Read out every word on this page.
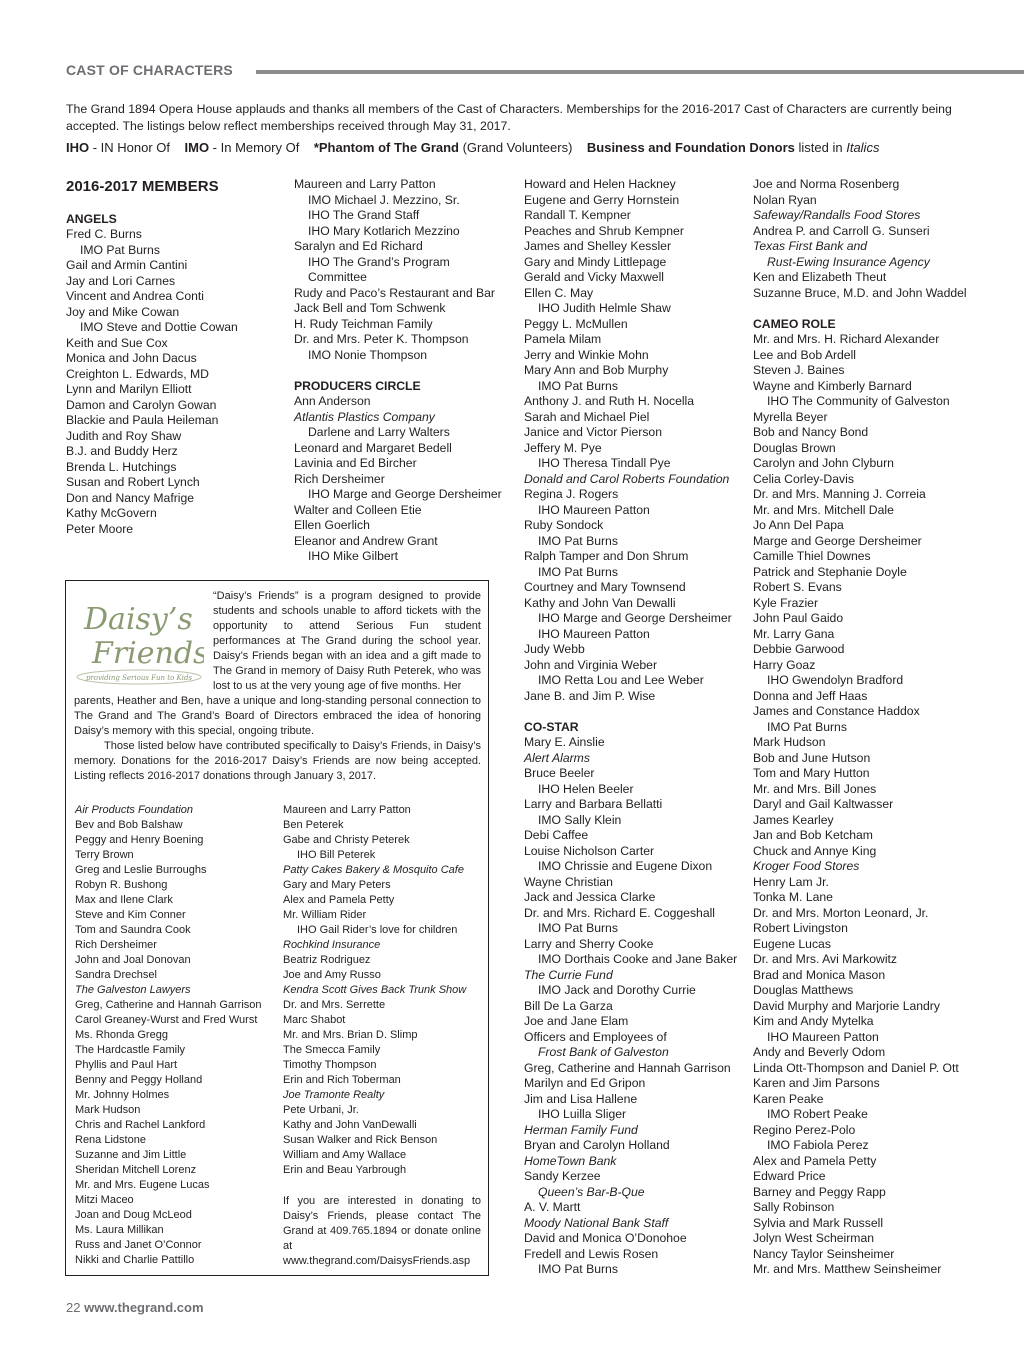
CAST OF CHARACTERS
The Grand 1894 Opera House applauds and thanks all members of the Cast of Characters. Memberships for the 2016-2017 Cast of Characters are currently being accepted. The listings below reflect memberships received through May 31, 2017.
IHO - IN Honor Of IMO - In Memory Of *Phantom of The Grand (Grand Volunteers) Business and Foundation Donors listed in Italics
2016-2017 MEMBERS
ANGELS
Fred C. Burns
IMO Pat Burns
Gail and Armin Cantini
Jay and Lori Carnes
Vincent and Andrea Conti
Joy and Mike Cowan
IMO Steve and Dottie Cowan
Keith and Sue Cox
Monica and John Dacus
Creighton L. Edwards, MD
Lynn and Marilyn Elliott
Damon and Carolyn Gowan
Blackie and Paula Heileman
Judith and Roy Shaw
B.J. and Buddy Herz
Brenda L. Hutchings
Susan and Robert Lynch
Don and Nancy Mafrige
Kathy McGovern
Peter Moore
Maureen and Larry Patton
IMO Michael J. Mezzino, Sr.
IHO The Grand Staff
IHO Mary Kotlarich Mezzino
Saralyn and Ed Richard
IHO The Grand’s Program
Committee
Rudy and Paco’s Restaurant and Bar
Jack Bell and Tom Schwenk
H. Rudy Teichman Family
Dr. and Mrs. Peter K. Thompson
IMO Nonie Thompson
PRODUCERS CIRCLE
Ann Anderson
Atlantis Plastics Company
Darlene and Larry Walters
Leonard and Margaret Bedell
Lavinia and Ed Bircher
Rich Dersheimer
IHO Marge and George Dersheimer
Walter and Colleen Etie
Ellen Goerlich
Eleanor and Andrew Grant
IHO Mike Gilbert
Howard and Helen Hackney
Eugene and Gerry Hornstein
Randall T. Kempner
Peaches and Shrub Kempner
James and Shelley Kessler
Gary and Mindy Littlepage
Gerald and Vicky Maxwell
Ellen C. May
IHO Judith Helmle Shaw
Peggy L. McMullen
Pamela Milam
Jerry and Winkie Mohn
Mary Ann and Bob Murphy
IMO Pat Burns
Anthony J. and Ruth H. Nocella
Sarah and Michael Piel
Janice and Victor Pierson
Jeffery M. Pye
IHO Theresa Tindall Pye
Donald and Carol Roberts Foundation
Regina J. Rogers
IHO Maureen Patton
Ruby Sondock
IMO Pat Burns
Ralph Tamper and Don Shrum
IMO Pat Burns
Courtney and Mary Townsend
Kathy and John Van Dewalli
IHO Marge and George Dersheimer
IHO Maureen Patton
Judy Webb
John and Virginia Weber
IMO Retta Lou and Lee Weber
Jane B. and Jim P. Wise
CO-STAR
Mary E. Ainslie
Alert Alarms
Bruce Beeler
IHO Helen Beeler
Larry and Barbara Bellatti
IMO Sally Klein
Debi Caffee
Louise Nicholson Carter
IMO Chrissie and Eugene Dixon
Wayne Christian
Jack and Jessica Clarke
Dr. and Mrs. Richard E. Coggeshall
IMO Pat Burns
Larry and Sherry Cooke
IMO Dorthais Cooke and Jane Baker
The Currie Fund
IMO Jack and Dorothy Currie
Bill De La Garza
Joe and Jane Elam
Officers and Employees of
Frost Bank of Galveston
Greg, Catherine and Hannah Garrison
Marilyn and Ed Gripon
Jim and Lisa Hallene
IHO Luilla Sliger
Herman Family Fund
Bryan and Carolyn Holland
HomeTown Bank
Sandy Kerzee
Queen’s Bar-B-Que
A. V. Martt
Moody National Bank Staff
David and Monica O’Donohoe
Fredell and Lewis Rosen
IMO Pat Burns
Joe and Norma Rosenberg
Nolan Ryan
Safeway/Randalls Food Stores
Andrea P. and Carroll G. Sunseri
Texas First Bank and
Rust-Ewing Insurance Agency
Ken and Elizabeth Theut
Suzanne Bruce, M.D. and John Waddel
CAMEO ROLE
Mr. and Mrs. H. Richard Alexander
Lee and Bob Ardell
Steven J. Baines
Wayne and Kimberly Barnard
IHO The Community of Galveston
Myrella Beyer
Bob and Nancy Bond
Douglas Brown
Carolyn and John Clyburn
Celia Corley-Davis
Dr. and Mrs. Manning J. Correia
Mr. and Mrs. Mitchell Dale
Jo Ann Del Papa
Marge and George Dersheimer
Camille Thiel Downes
Patrick and Stephanie Doyle
Robert S. Evans
Kyle Frazier
John Paul Gaido
Mr. Larry Gana
Debbie Garwood
Harry Goaz
IHO Gwendolyn Bradford
Donna and Jeff Haas
James and Constance Haddox
IMO Pat Burns
Mark Hudson
Bob and June Hutson
Tom and Mary Hutton
Mr. and Mrs. Bill Jones
Daryl and Gail Kaltwasser
James Kearley
Jan and Bob Ketcham
Chuck and Annye King
Kroger Food Stores
Henry Lam Jr.
Tonka M. Lane
Dr. and Mrs. Morton Leonard, Jr.
Robert Livingston
Eugene Lucas
Dr. and Mrs. Avi Markowitz
Brad and Monica Mason
Douglas Matthews
David Murphy and Marjorie Landry
Kim and Andy Mytelka
IHO Maureen Patton
Andy and Beverly Odom
Linda Ott-Thompson and Daniel P. Ott
Karen and Jim Parsons
Karen Peake
IMO Robert Peake
Regino Perez-Polo
IMO Fabiola Perez
Alex and Pamela Petty
Edward Price
Barney and Peggy Rapp
Sally Robinson
Sylvia and Mark Russell
Jolyn West Scheirman
Nancy Taylor Seinsheimer
Mr. and Mrs. Matthew Seinsheimer
Daisy’s
Friends
providing Serious Fun to Kids
“Daisy’s Friends” is a program designed to provide students and schools unable to afford tickets with the opportunity to attend Serious Fun student performances at The Grand during the school year. Daisy’s Friends began with an idea and a gift made to The Grand in memory of Daisy Ruth Peterek, who was lost to us at the very young age of five months. Her
parents, Heather and Ben, have a unique and long-standing personal connection to The Grand and The Grand’s Board of Directors embraced the idea of honoring Daisy’s memory with this special, ongoing tribute.
Those listed below have contributed specifically to Daisy’s Friends, in Daisy’s memory. Donations for the 2016-2017 Daisy’s Friends are now being accepted. Listing reflects 2016-2017 donations through January 3, 2017.
Air Products Foundation
Bev and Bob Balshaw
Peggy and Henry Boening
Terry Brown
Greg and Leslie Burroughs
Robyn R. Bushong
Max and Ilene Clark
Steve and Kim Conner
Tom and Saundra Cook
Rich Dersheimer
John and Joal Donovan
Sandra Drechsel
The Galveston Lawyers
Greg, Catherine and Hannah Garrison
Carol Greaney-Wurst and Fred Wurst
Ms. Rhonda Gregg
The Hardcastle Family
Phyllis and Paul Hart
Benny and Peggy Holland
Mr. Johnny Holmes
Mark Hudson
Chris and Rachel Lankford
Rena Lidstone
Suzanne and Jim Little
Sheridan Mitchell Lorenz
Mr. and Mrs. Eugene Lucas
Mitzi Maceo
Joan and Doug McLeod
Ms. Laura Millikan
Russ and Janet O’Connor
Nikki and Charlie Pattillo
Maureen and Larry Patton
Ben Peterek
Gabe and Christy Peterek
IHO Bill Peterek
Patty Cakes Bakery & Mosquito Cafe
Gary and Mary Peters
Alex and Pamela Petty
Mr. William Rider
IHO Gail Rider’s love for children
Rochkind Insurance
Beatriz Rodriguez
Joe and Amy Russo
Kendra Scott Gives Back Trunk Show
Dr. and Mrs. Serrette
Marc Shabot
Mr. and Mrs. Brian D. Slimp
The Smecca Family
Timothy Thompson
Erin and Rich Toberman
Joe Tramonte Realty
Pete Urbani, Jr.
Kathy and John VanDewalli
Susan Walker and Rick Benson
William and Amy Wallace
Erin and Beau Yarbrough
If you are interested in donating to Daisy’s Friends, please contact The Grand at 409.765.1894 or donate online at www.thegrand.com/DaisysFriends.asp
22 www.thegrand.com
